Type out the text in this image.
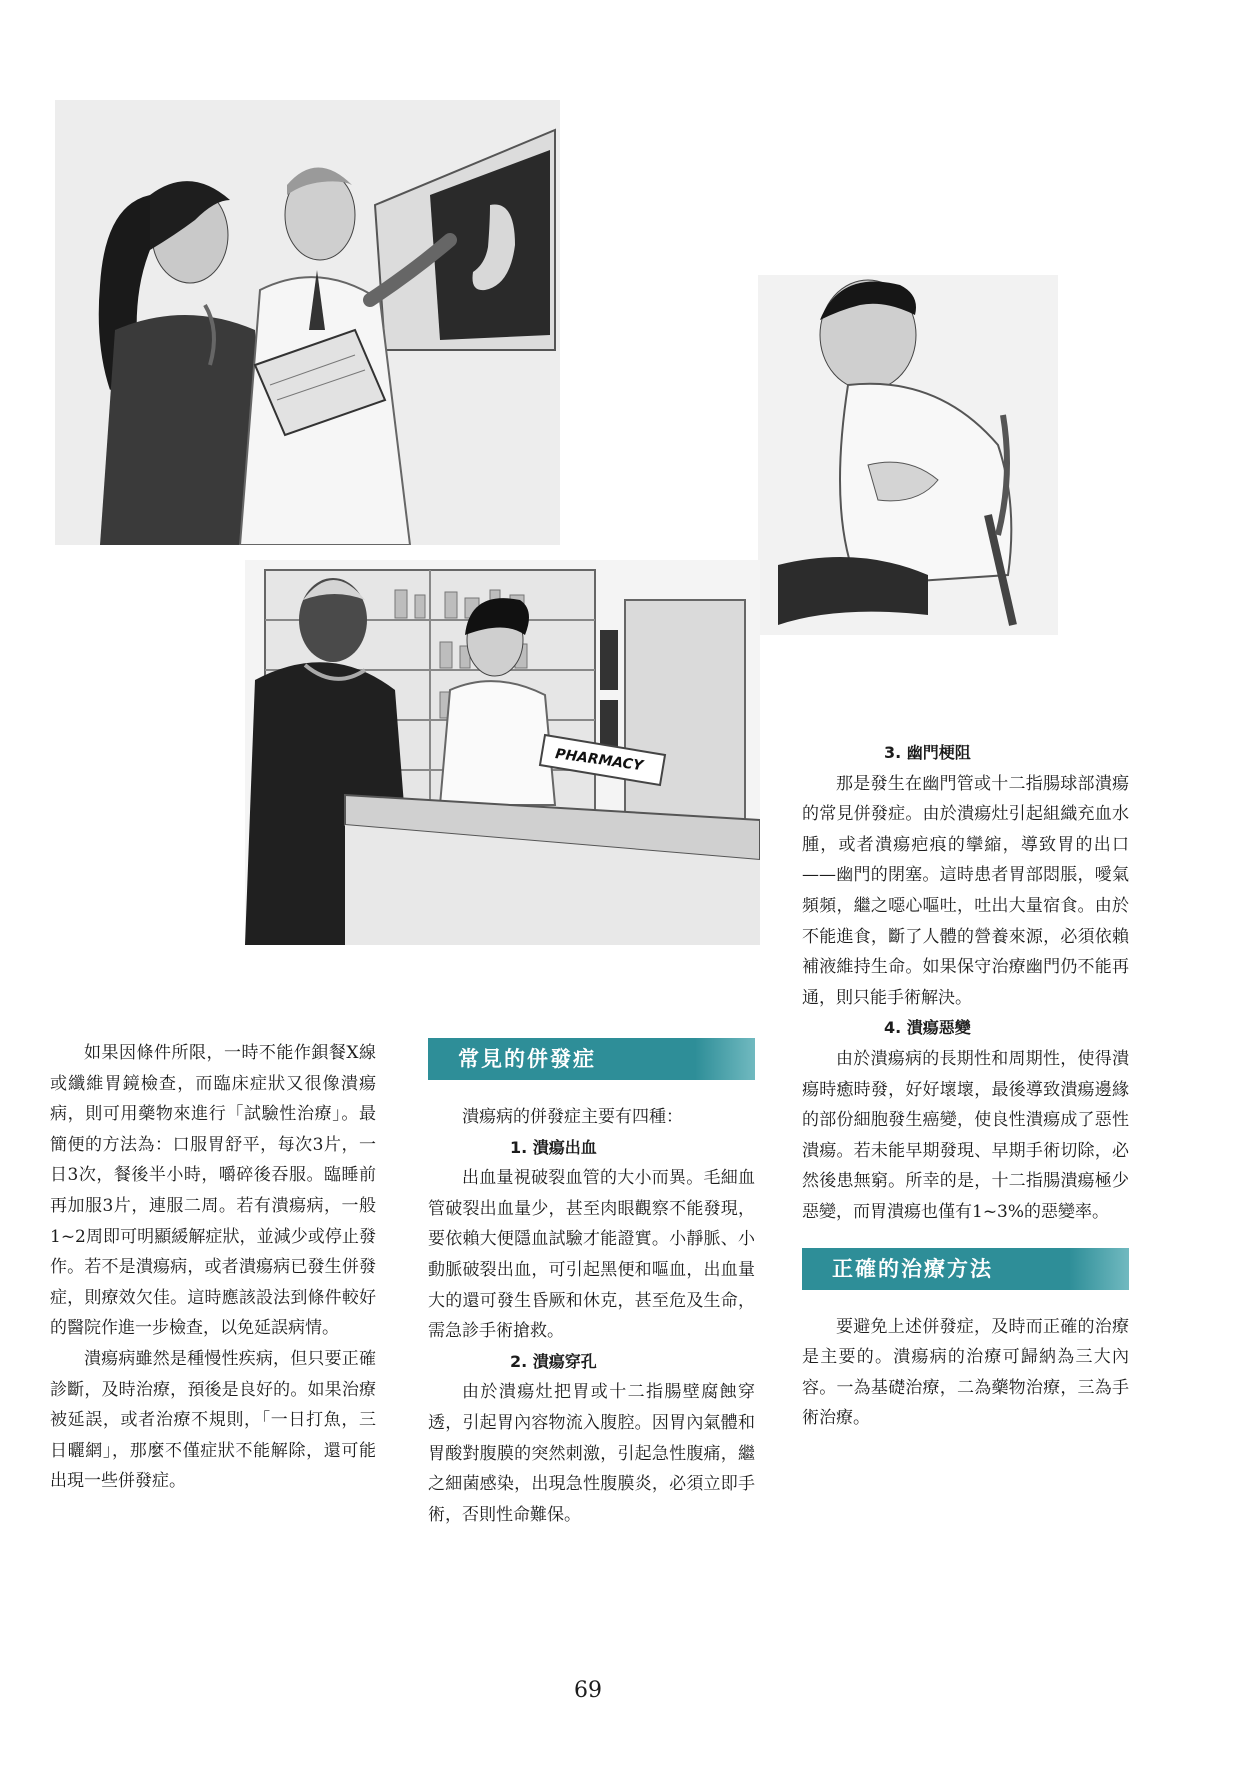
PHARMACY

如果因條件所限，一時不能作鋇餐X線或纖維胃鏡檢查，而臨床症狀又很像潰瘍病，則可用藥物來進行「試驗性治療」。最簡便的方法為：口服胃舒平，每次3片，一日3次，餐後半小時，嚼碎後吞服。臨睡前再加服3片，連服二周。若有潰瘍病，一般1~2周即可明顯緩解症狀，並減少或停止發作。若不是潰瘍病，或者潰瘍病已發生併發症，則療效欠佳。這時應該設法到條件較好的醫院作進一步檢查，以免延誤病情。

潰瘍病雖然是種慢性疾病，但只要正確診斷，及時治療，預後是良好的。如果治療被延誤，或者治療不規則，「一日打魚，三日曬網」，那麼不僅症狀不能解除，還可能出現一些併發症。

常見的併發症

潰瘍病的併發症主要有四種：

1. 潰瘍出血

出血量視破裂血管的大小而異。毛細血管破裂出血量少，甚至肉眼觀察不能發現，要依賴大便隱血試驗才能證實。小靜脈、小動脈破裂出血，可引起黑便和嘔血，出血量大的還可發生昏厥和休克，甚至危及生命，需急診手術搶救。

2. 潰瘍穿孔

由於潰瘍灶把胃或十二指腸壁腐蝕穿透，引起胃內容物流入腹腔。因胃內氣體和胃酸對腹膜的突然刺激，引起急性腹痛，繼之細菌感染，出現急性腹膜炎，必須立即手術，否則性命難保。

3. 幽門梗阻

那是發生在幽門管或十二指腸球部潰瘍的常見併發症。由於潰瘍灶引起組織充血水腫，或者潰瘍疤痕的攣縮，導致胃的出口——幽門的閉塞。這時患者胃部悶脹，噯氣頻頻，繼之噁心嘔吐，吐出大量宿食。由於不能進食，斷了人體的營養來源，必須依賴補液維持生命。如果保守治療幽門仍不能再通，則只能手術解決。

4. 潰瘍惡變

由於潰瘍病的長期性和周期性，使得潰瘍時癒時發，好好壞壞，最後導致潰瘍邊緣的部份細胞發生癌變，使良性潰瘍成了惡性潰瘍。若未能早期發現、早期手術切除，必然後患無窮。所幸的是，十二指腸潰瘍極少惡變，而胃潰瘍也僅有1~3%的惡變率。

正確的治療方法

要避免上述併發症，及時而正確的治療是主要的。潰瘍病的治療可歸納為三大內容。一為基礎治療，二為藥物治療，三為手術治療。

69
